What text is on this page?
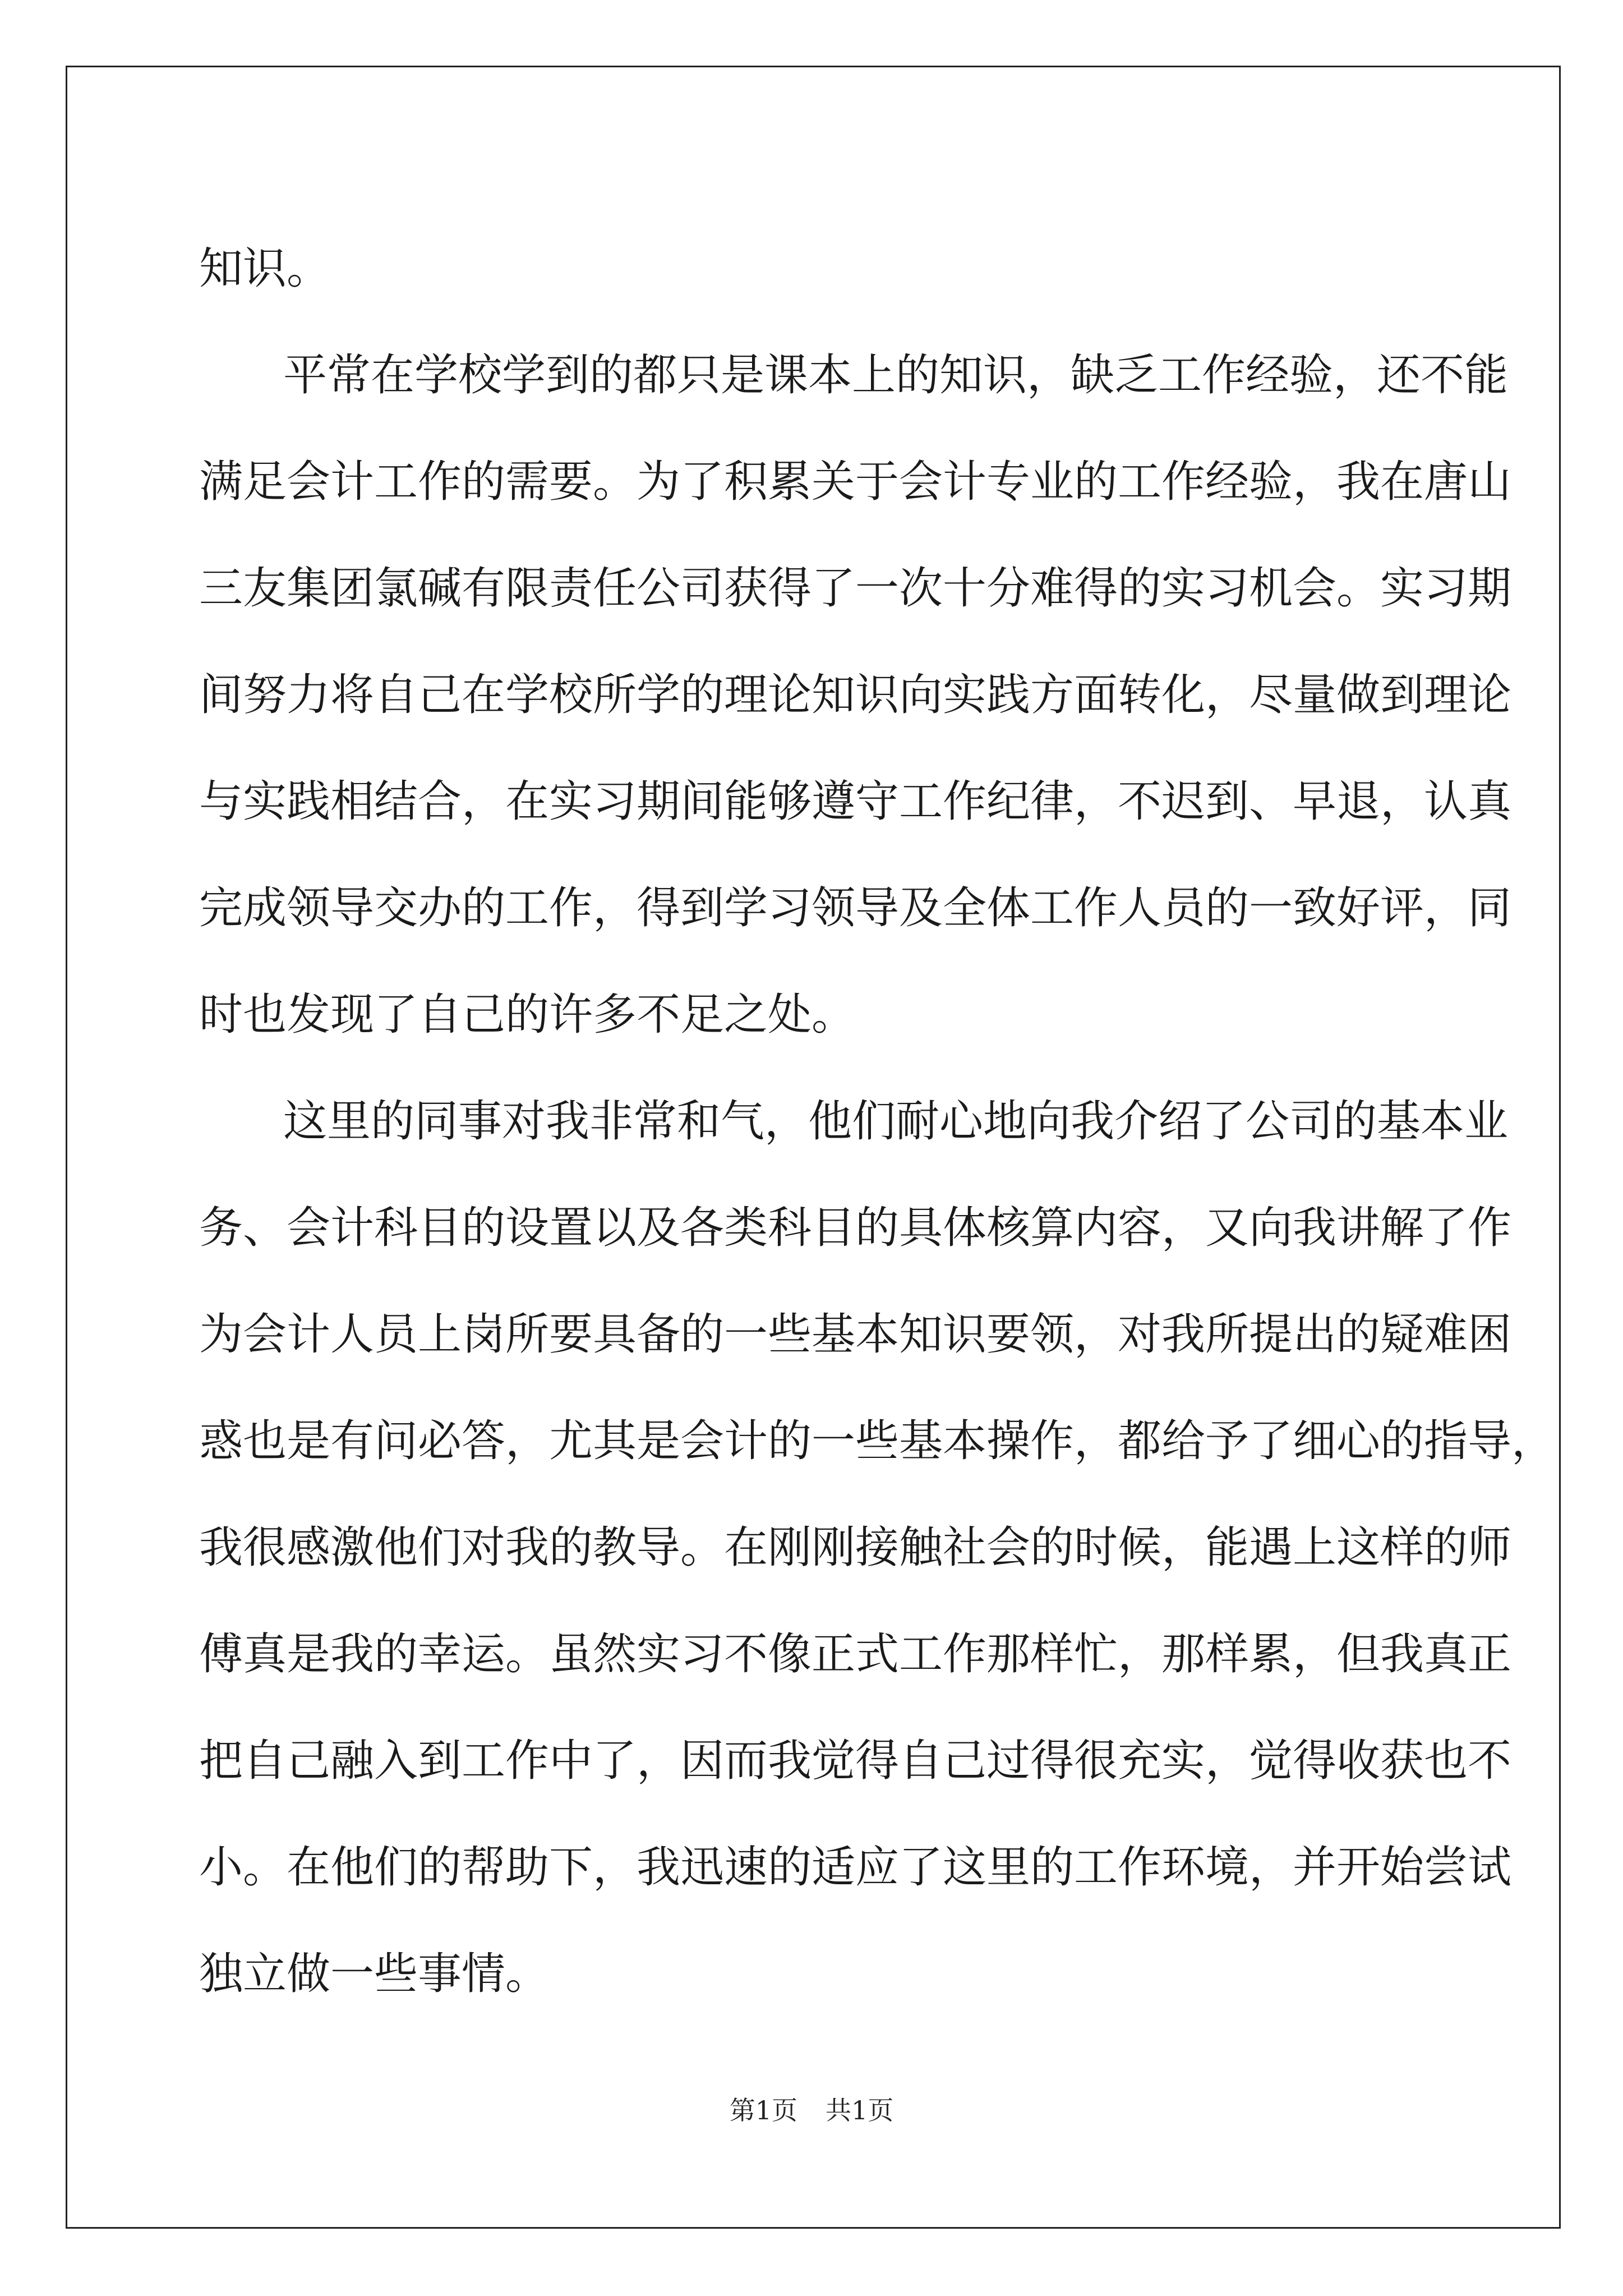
知识。
平常在学校学到的都只是课本上的知识，缺乏工作经验，还不能
满足会计工作的需要。为了积累关于会计专业的工作经验，我在唐山
三友集团氯碱有限责任公司获得了一次十分难得的实习机会。实习期
间努力将自己在学校所学的理论知识向实践方面转化，尽量做到理论
与实践相结合，在实习期间能够遵守工作纪律，不迟到、早退，认真
完成领导交办的工作，得到学习领导及全体工作人员的一致好评，同
时也发现了自己的许多不足之处。
这里的同事对我非常和气，他们耐心地向我介绍了公司的基本业
务、会计科目的设置以及各类科目的具体核算内容，又向我讲解了作
为会计人员上岗所要具备的一些基本知识要领，对我所提出的疑难困
惑也是有问必答，尤其是会计的一些基本操作，都给予了细心的指导，
我很感激他们对我的教导。在刚刚接触社会的时候，能遇上这样的师
傅真是我的幸运。虽然实习不像正式工作那样忙，那样累，但我真正
把自己融入到工作中了，因而我觉得自己过得很充实，觉得收获也不
小。在他们的帮助下，我迅速的适应了这里的工作环境，并开始尝试
独立做一些事情。
第1页 共1页
